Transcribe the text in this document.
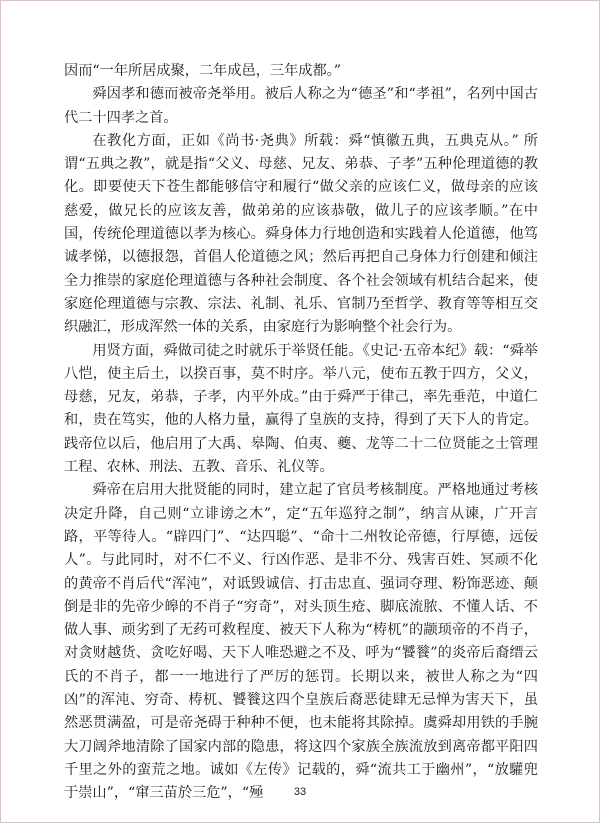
因而“一年所居成聚，二年成邑，三年成都。”

舜因孝和德而被帝尧举用。被后人称之为“德圣”和“孝祖”，名列中国古代二十四孝之首。

在教化方面，正如《尚书·尧典》所载：舜“慎徽五典，五典克从。” 所谓“五典之教”，就是指“父义、母慈、兄友、弟恭、子孝”五种伦理道德的教化。即要使天下苍生都能够信守和履行“做父亲的应该仁义，做母亲的应该慈爱，做兄长的应该友善，做弟弟的应该恭敬，做儿子的应该孝顺。”在中国，传统伦理道德以孝为核心。舜身体力行地创造和实践着人伦道德，他笃诚孝悌，以德报怨，首倡人伦道德之风；然后再把自己身体力行创建和倾注全力推崇的家庭伦理道德与各种社会制度、各个社会领域有机结合起来，使家庭伦理道德与宗教、宗法、礼制、礼乐、官制乃至哲学、教育等等相互交织融汇，形成浑然一体的关系，由家庭行为影响整个社会行为。

用贤方面，舜做司徒之时就乐于举贤任能。《史记·五帝本纪》载：“舜举八恺，使主后土，以揆百事，莫不时序。举八元，使布五教于四方，父义，母慈，兄友，弟恭，子孝，内平外成。”由于舜严于律己，率先垂范，中道仁和，贵在笃实，他的人格力量，赢得了皇族的支持，得到了天下人的肯定。践帝位以后，他启用了大禹、皋陶、伯夷、夔、龙等二十二位贤能之士管理工程、农林、刑法、五教、音乐、礼仪等。

舜帝在启用大批贤能的同时，建立起了官员考核制度。严格地通过考核决定升降，自己则“立诽谤之木”，定“五年巡狩之制”，纳言从谏，广开言路，平等待人。“辟四门”、“达四聪”、“命十二州牧论帝德，行厚德，远佞人”。与此同时，对不仁不义、行凶作恶、是非不分、残害百姓、冥顽不化的黄帝不肖后代“浑沌”，对诋毁诚信、打击忠直、强词夺理、粉饰恶迹、颠倒是非的先帝少皞的不肖子“穷奇”，对头顶生疮、脚底流脓、不懂人话、不做人事、顽劣到了无药可救程度、被天下人称为“梼杌”的颛顼帝的不肖子，对贪财越货、贪吃好喝、天下人唯恐避之不及、呼为“饕餮”的炎帝后裔缙云氏的不肖子，都一一地进行了严厉的惩罚。长期以来，被世人称之为“四凶”的浑沌、穷奇、梼杌、饕餮这四个皇族后裔恶徒肆无忌惮为害天下，虽然恶贯满盈，可是帝尧碍于种种不便，也未能将其除掉。虞舜却用铁的手腕大刀阔斧地清除了国家内部的隐患，将这四个家族全族流放到离帝都平阳四千里之外的蛮荒之地。诚如《左传》记载的，舜“流共工于幽州”，“放驩兜于崇山”，“窜三苗於三危”，“殛	33
